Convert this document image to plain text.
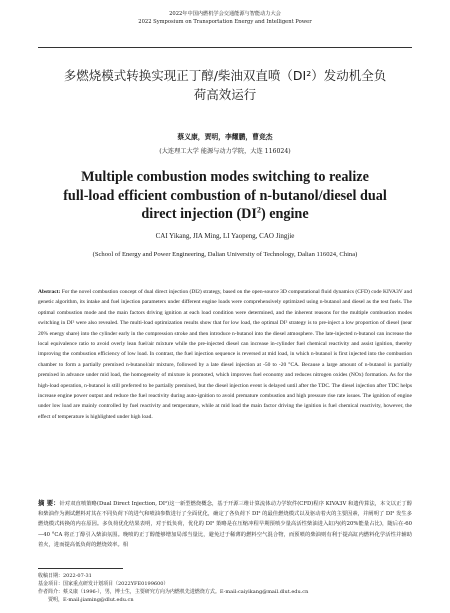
2022年中国内燃机学会交通能源与智能动力大会
2022 Symposium on Transportation Energy and Intelligent Power
多燃烧模式转换实现正丁醇/柴油双直喷（DI²）发动机全负
荷高效运行
蔡义康，贾明，李耀鹏，曹竞杰
(大连理工大学 能源与动力学院，大连 116024)
Multiple combustion modes switching to realize
full-load efficient combustion of n-butanol/diesel dual
direct injection $(DI^2)$ engine
CAI Yikang, JIA Ming, LI Yaopeng, CAO Jingjie
(School of Energy and Power Engineering, Dalian University of Technology, Dalian 116024, China)

Abstract: For the novel combustion concept of dual direct injection (DI2) strategy, based on the open-source 3D computational fluid dynamics (CFD) code KIVA3V and genetic algorithm, its intake and fuel injection parameters under different engine loads were comprehensively optimized using n-butanol and diesel as the test fuels. The optimal combustion mode and the main factors driving ignition at each load condition were determined, and the inherent reasons for the multiple combustion modes switching in DI² were also revealed. The multi-load optimization results show that for low load, the optimal DI² strategy is to pre-inject a low proportion of diesel (near 20% energy share) into the cylinder early in the compression stroke and then introduce n-butanol into the diesel atmosphere. The late-injected n-butanol can increase the local equivalence ratio to avoid overly lean fuel/air mixture while the pre-injected diesel can increase in-cylinder fuel chemical reactivity and assist ignition, thereby improving the combustion efficiency of low load. In contrast, the fuel injection sequence is reversed at mid load, in which n-butanol is first injected into the combustion chamber to form a partially premixed n-butanol/air mixture, followed by a late diesel injection at -50 to -20 °CA. Because a large amount of n-butanol is partially premixed in advance under mid load, the homogeneity of mixture is promoted, which improves fuel economy and reduces nitrogen oxides (NOx) formation. As for the high-load operation, n-butanol is still preferred to be partially premixed, but the diesel injection event is delayed until after the TDC. The diesel injection after TDC helps increase engine power output and reduce the fuel reactivity during auto-ignition to avoid premature combustion and high pressure rise rate issues. The ignition of engine under low load are mainly controlled by fuel reactivity and temperature, while at mid load the main factor driving the ignition is fuel chemical reactivity, however, the effect of temperature is highlighted under high load.

摘 要：针对双直喷策略(Dual Direct Injection, DI²)这一新型燃烧概念，基于开源三维计算流体动力学软件(CFD)程序 KIVA3V 和遗传算法，本文以正丁醇和柴油作为测试燃料对其在不同负荷下的进气和喷油参数进行了全面优化，确定了各负荷下 DI² 的最佳燃烧模式以及驱动着火的主要因素，并阐明了 DI² 发生多燃烧模式转换的内在原因。多负荷优化结果表明，对于低负荷，优化的 DI² 策略是在压缩冲程早期预喷少量高活性柴油进入缸内(约20%能量占比)，随后在-60—40 °CA 将正丁醇引入柴油氛围。晚喷的正丁醇能够增加局部当量比，避免过于稀薄的燃料空气混合物，而预喷的柴油则有利于提高缸内燃料化学活性并辅助着火，进而提高低负荷的燃烧效率。相

收稿日期：2022-07-31
基金项目：国家重点研发计划项目（2022YFE0199600）
作者简介：蔡义康（1996-），男，博士生，主要研究方向为内燃机先进燃烧方式。E-mail:caiyikang@mail.dlut.edu.cn
贾明，E-mail:jiaming@dlut.edu.cn
